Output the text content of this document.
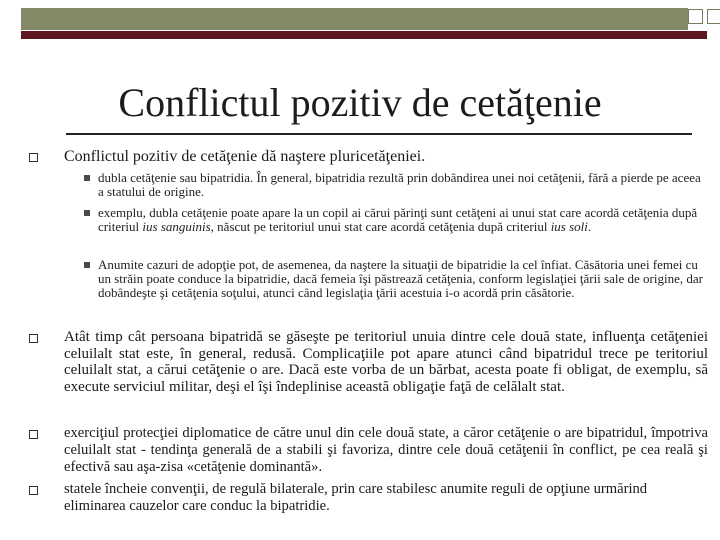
Conflictul pozitiv de cetăţenie

Conflictul pozitiv de cetăţenie dă naştere pluricetăţeniei.

dubla cetăţenie sau bipatridia. În general, bipatridia rezultă prin dobândirea unei noi cetăţenii, fără a pierde pe aceea a statului de origine.

exemplu, dubla cetăţenie poate apare la un copil ai cărui părinţi sunt cetăţeni ai unui stat care acordă cetăţenia după criteriul ius sanguinis, născut pe teritoriul unui stat care acordă cetăţenia după criteriul ius soli.

Anumite cazuri de adopţie pot, de asemenea, da naştere la situaţii de bipatridie la cel înfiat. Căsătoria unei femei cu un străin poate conduce la bipatridie, dacă femeia îşi păstrează cetăţenia, conform legislaţiei ţării sale de origine, dar dobândeşte şi cetăţenia soţului, atunci când legislaţia ţării acestuia i-o acordă prin căsătorie.

Atât timp cât persoana bipatridă se găseşte pe teritoriul unuia dintre cele două state, influenţa cetăţeniei celuilalt stat este, în general, redusă. Complicaţiile pot apare atunci când bipatridul trece pe teritoriul celuilalt stat, a cărui cetăţenie o are. Dacă este vorba de un bărbat, acesta poate fi obligat, de exemplu, să execute serviciul militar, deşi el îşi îndeplinise această obligaţie faţă de celălalt stat.

exerciţiul protecţiei diplomatice de către unul din cele două state, a căror cetăţenie o are bipatridul, împotriva celuilalt stat - tendinţa generală de a stabili şi favoriza, dintre cele două cetăţenii în conflict, pe cea reală şi efectivă sau aşa-zisa «cetăţenie dominantă».

statele încheie convenţii, de regulă bilaterale, prin care stabilesc anumite reguli de opţiune urmărind eliminarea cauzelor care conduc la bipatridie.
